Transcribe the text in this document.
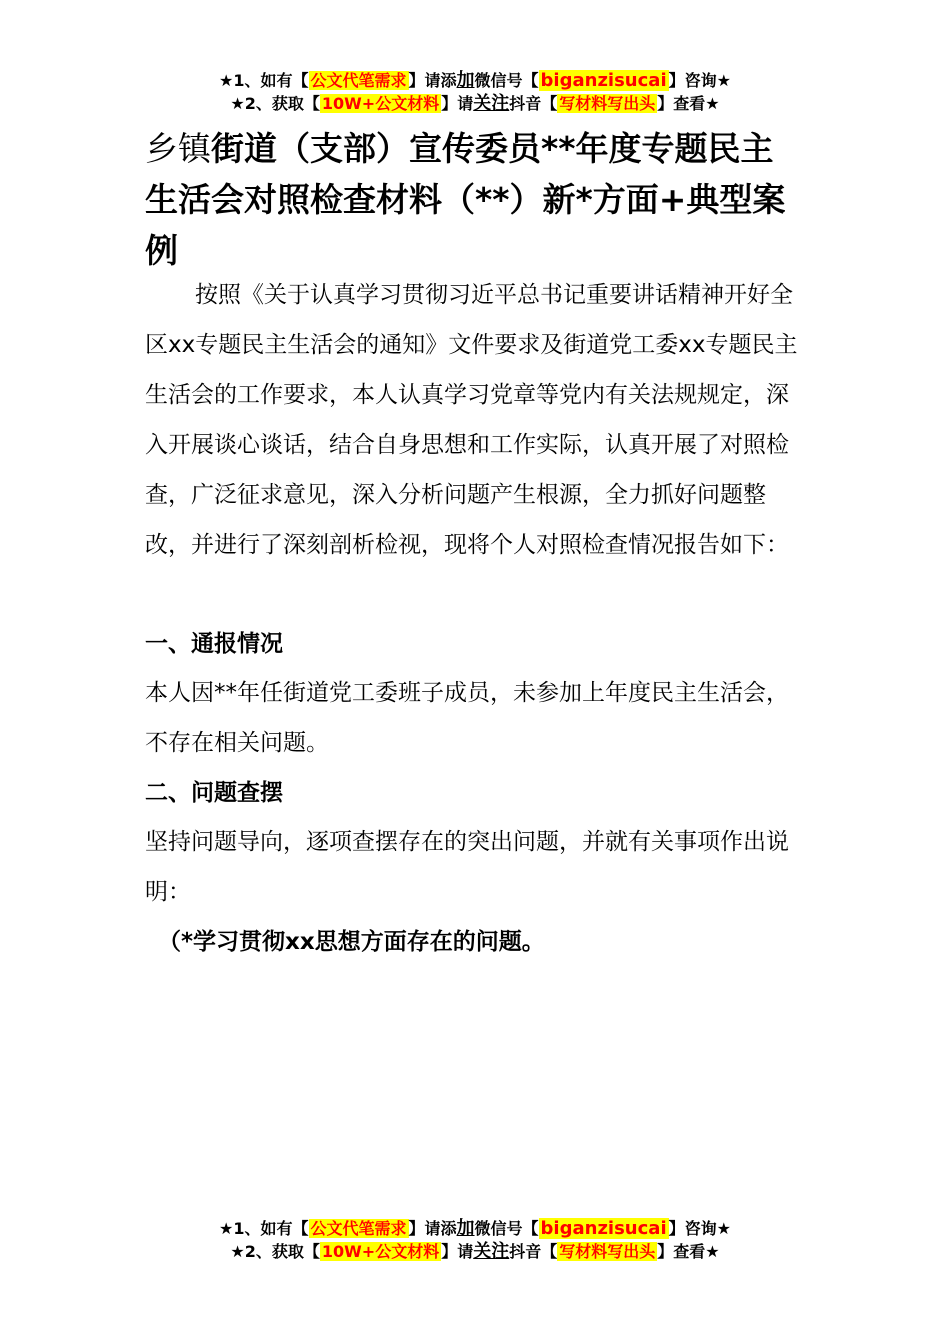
★1、如有【 公文代笔需求 】请添加微信号【 biganzisucai 】咨询★
★2、获取【 10W+公文材料 】请关注抖音【 写材料写出头 】查看★
乡镇街道（支部）宣传委员**年度专题民主生活会对照检查材料（**）新*方面+典型案例
按照《关于认真学习贯彻习近平总书记重要讲话精神开好全区xx专题民主生活会的通知》文件要求及街道党工委xx专题民主生活会的工作要求，本人认真学习党章等党内有关法规规定，深入开展谈心谈话，结合自身思想和工作实际，认真开展了对照检查，广泛征求意见，深入分析问题产生根源，全力抓好问题整改，并进行了深刻剖析检视，现将个人对照检查情况报告如下：
一、通报情况
本人因**年任街道党工委班子成员，未参加上年度民主生活会，不存在相关问题。
二、问题查摆
坚持问题导向，逐项查摆存在的突出问题，并就有关事项作出说明：
（*学习贯彻xx思想方面存在的问题。
★1、如有【 公文代笔需求 】请添加微信号【 biganzisucai 】咨询★
★2、获取【 10W+公文材料 】请关注抖音【 写材料写出头 】查看★
